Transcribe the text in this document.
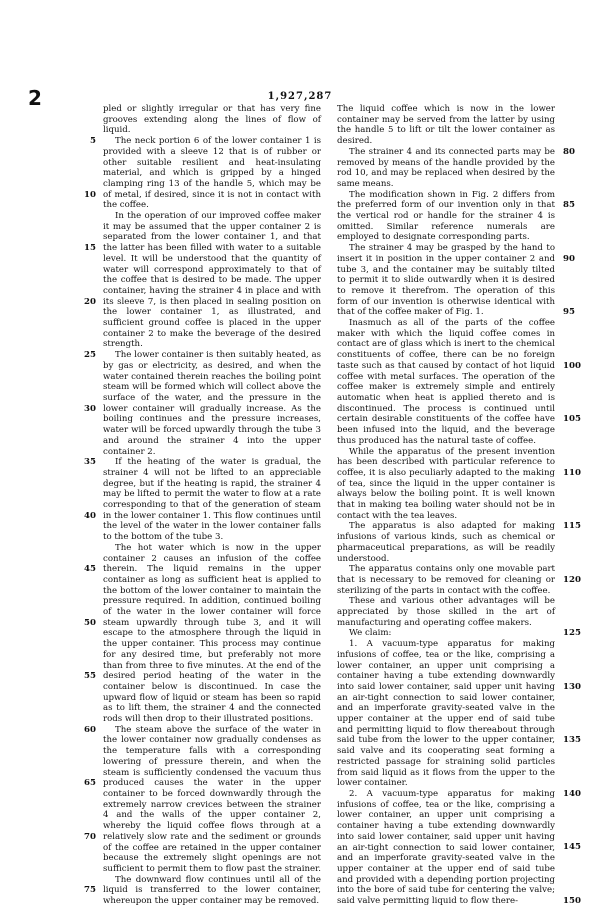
2	1,927,287

pled or slightly irregular or that has very fine grooves extending along the lines of flow of liquid.

The neck portion 6 of the lower container 1 is provided with a sleeve 12 that is of rubber or other suitable resilient and heat-insulating material, and which is gripped by a hinged clamping ring 13 of the handle 5, which may be of metal, if desired, since it is not in contact with the coffee.

In the operation of our improved coffee maker it may be assumed that the upper container 2 is separated from the lower container 1, and that the latter has been filled with water to a suitable level. It will be understood that the quantity of water will correspond approximately to that of the coffee that is desired to be made. The upper container, having the strainer 4 in place and with its sleeve 7, is then placed in sealing position on the lower container 1, as illustrated, and sufficient ground coffee is placed in the upper container 2 to make the beverage of the desired strength.

The lower container is then suitably heated, as by gas or electricity, as desired, and when the water contained therein reaches the boiling point steam will be formed which will collect above the surface of the water, and the pressure in the lower container will gradually increase. As the boiling continues and the pressure increases, water will be forced upwardly through the tube 3 and around the strainer 4 into the upper container 2.

If the heating of the water is gradual, the strainer 4 will not be lifted to an appreciable degree, but if the heating is rapid, the strainer 4 may be lifted to permit the water to flow at a rate corresponding to that of the generation of steam in the lower container 1. This flow continues until the level of the water in the lower container falls to the bottom of the tube 3.

The hot water which is now in the upper container 2 causes an infusion of the coffee therein. The liquid remains in the upper container as long as sufficient heat is applied to the bottom of the lower container to maintain the pressure required. In addition, continued boiling of the water in the lower container will force steam upwardly through tube 3, and it will escape to the atmosphere through the liquid in the upper container. This process may continue for any desired time, but preferably not more than from three to five minutes. At the end of the desired period heating of the water in the container below is discontinued. In case the upward flow of liquid or steam has been so rapid as to lift them, the strainer 4 and the connected rods will then drop to their illustrated positions.

The steam above the surface of the water in the lower container now gradually condenses as the temperature falls with a corresponding lowering of pressure therein, and when the steam is sufficiently condensed the vacuum thus produced causes the water in the upper container to be forced downwardly through the extremely narrow crevices between the strainer 4 and the walls of the upper container 2, whereby the liquid coffee flows through at a relatively slow rate and the sediment or grounds of the coffee are retained in the upper container because the extremely slight openings are not sufficient to permit them to flow past the strainer.

The downward flow continues until all of the liquid is transferred to the lower container, whereupon the upper container may be removed.

The liquid coffee which is now in the lower container may be served from the latter by using the handle 5 to lift or tilt the lower container as desired.

The strainer 4 and its connected parts may be removed by means of the handle provided by the rod 10, and may be replaced when desired by the same means.

The modification shown in Fig. 2 differs from the preferred form of our invention only in that the vertical rod or handle for the strainer 4 is omitted. Similar reference numerals are employed to designate corresponding parts.

The strainer 4 may be grasped by the hand to insert it in position in the upper container 2 and tube 3, and the container may be suitably tilted to permit it to slide outwardly when it is desired to remove it therefrom. The operation of this form of our invention is otherwise identical with that of the coffee maker of Fig. 1.

Inasmuch as all of the parts of the coffee maker with which the liquid coffee comes in contact are of glass which is inert to the chemical constituents of coffee, there can be no foreign taste such as that caused by contact of hot liquid coffee with metal surfaces. The operation of the coffee maker is extremely simple and entirely automatic when heat is applied thereto and is discontinued. The process is continued until certain desirable constituents of the coffee have been infused into the liquid, and the beverage thus produced has the natural taste of coffee.

While the apparatus of the present invention has been described with particular reference to coffee, it is also peculiarly adapted to the making of tea, since the liquid in the upper container is always below the boiling point. It is well known that in making tea boiling water should not be in contact with the tea leaves.

The apparatus is also adapted for making infusions of various kinds, such as chemical or pharmaceutical preparations, as will be readily understood.

The apparatus contains only one movable part that is necessary to be removed for cleaning or sterilizing of the parts in contact with the coffee.

These and various other advantages will be appreciated by those skilled in the art of manufacturing and operating coffee makers.

We claim:

1. A vacuum-type apparatus for making infusions of coffee, tea or the like, comprising a lower container, an upper unit comprising a container having a tube extending downwardly into said lower container, said upper unit having an air-tight connection to said lower container, and an imperforate gravity-seated valve in the upper container at the upper end of said tube and permitting liquid to flow thereabout through said tube from the lower to the upper container, said valve and its cooperating seat forming a restricted passage for straining solid particles from said liquid as it flows from the upper to the lower container.

2. A vacuum-type apparatus for making infusions of coffee, tea or the like, comprising a lower container, an upper unit comprising a container having a tube extending downwardly into said lower container, said upper unit having an air-tight connection to said lower container, and an imperforate gravity-seated valve in the upper container at the upper end of said tube and provided with a depending portion projecting into the bore of said tube for centering the valve; said valve permitting liquid to flow there-

5
10
15
20
25
30
35
40
45
50
55
60
65
70
75
80
85
90
95
100
105
110
115
120
125
130
135
140
145
150
